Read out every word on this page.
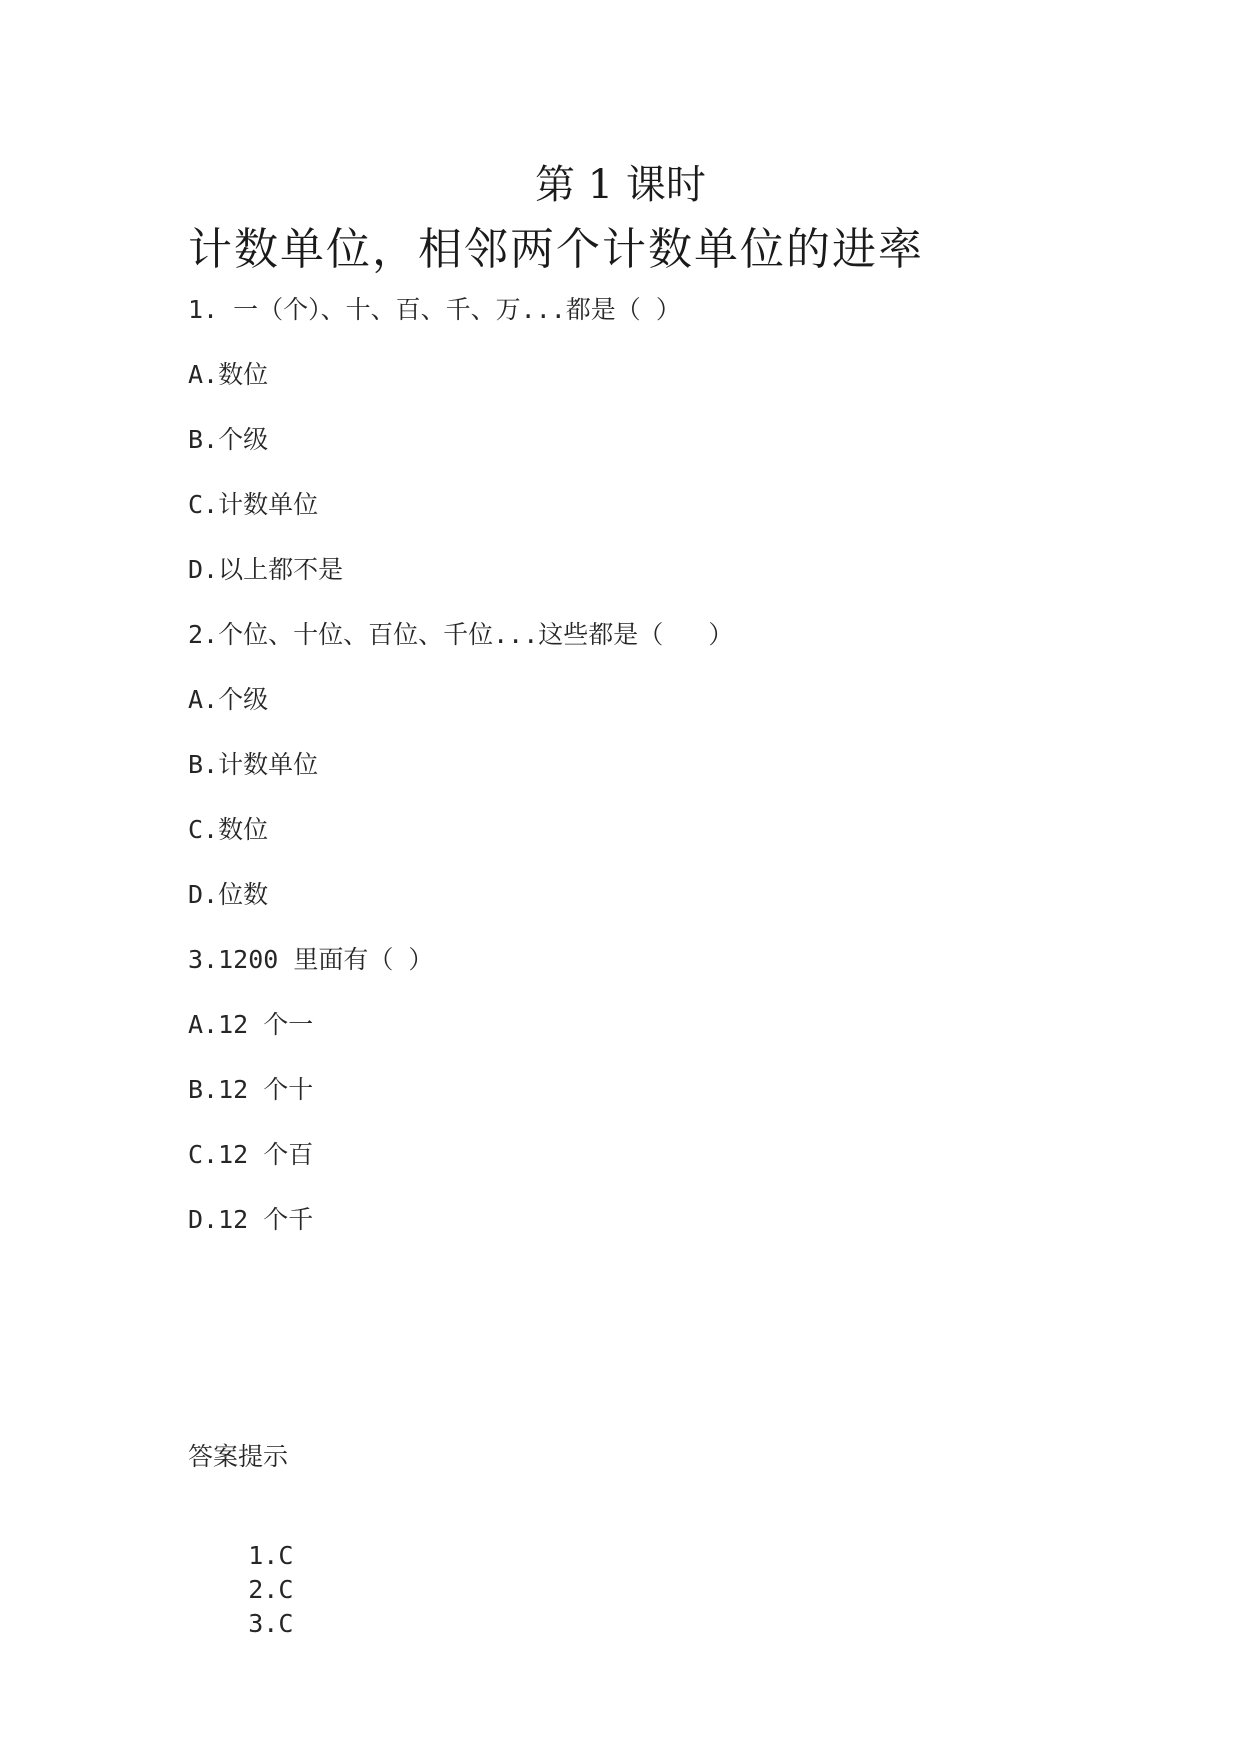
第 1 课时
计数单位，相邻两个计数单位的进率
1. 一（个）、十、百、千、万...都是（ ）
A.数位
B.个级
C.计数单位
D.以上都不是
2.个位、十位、百位、千位...这些都是（   ）
A.个级
B.计数单位
C.数位
D.位数
3.1200 里面有（ ）
A.12 个一
B.12 个十
C.12 个百
D.12 个千
答案提示

1.C
2.C
3.C
